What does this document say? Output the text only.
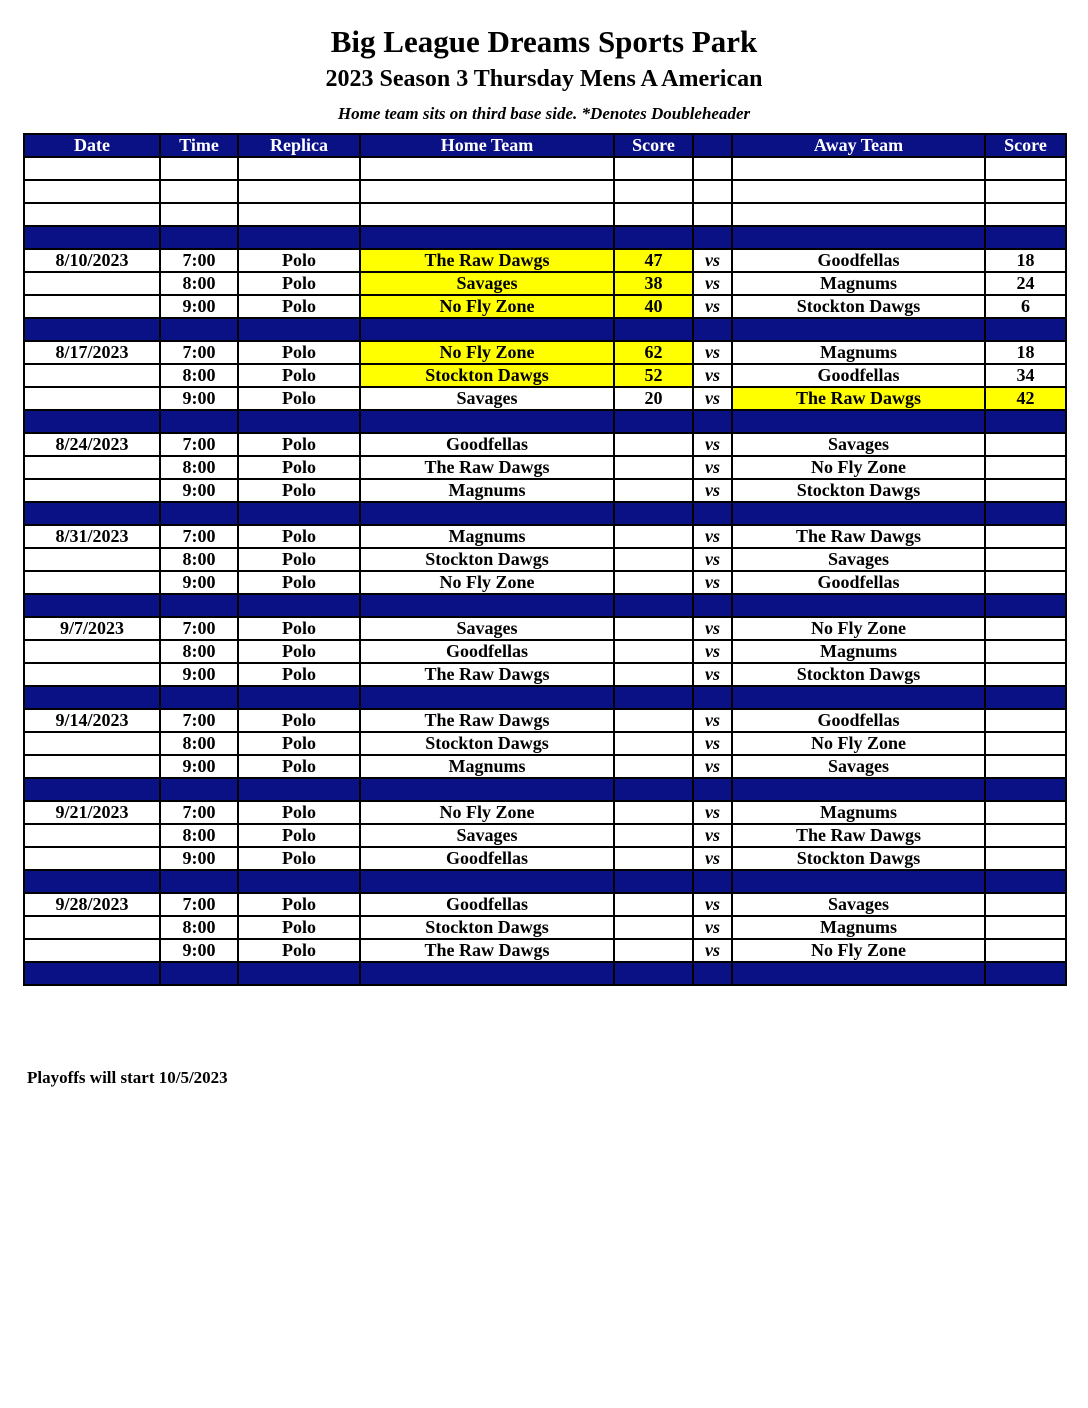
Big League Dreams Sports Park
2023 Season 3 Thursday Mens A American
Home team sits on third base side. *Denotes Doubleheader
Date	Time	Replica	Home Team	Score		Away Team	Score

8/10/2023	7:00	Polo	The Raw Dawgs	47	vs	Goodfellas	18
	8:00	Polo	Savages	38	vs	Magnums	24
	9:00	Polo	No Fly Zone	40	vs	Stockton Dawgs	6

8/17/2023	7:00	Polo	No Fly Zone	62	vs	Magnums	18
	8:00	Polo	Stockton Dawgs	52	vs	Goodfellas	34
	9:00	Polo	Savages	20	vs	The Raw Dawgs	42

8/24/2023	7:00	Polo	Goodfellas		vs	Savages	
	8:00	Polo	The Raw Dawgs		vs	No Fly Zone	
	9:00	Polo	Magnums		vs	Stockton Dawgs	

8/31/2023	7:00	Polo	Magnums		vs	The Raw Dawgs	
	8:00	Polo	Stockton Dawgs		vs	Savages	
	9:00	Polo	No Fly Zone		vs	Goodfellas	

9/7/2023	7:00	Polo	Savages		vs	No Fly Zone	
	8:00	Polo	Goodfellas		vs	Magnums	
	9:00	Polo	The Raw Dawgs		vs	Stockton Dawgs	

9/14/2023	7:00	Polo	The Raw Dawgs		vs	Goodfellas	
	8:00	Polo	Stockton Dawgs		vs	No Fly Zone	
	9:00	Polo	Magnums		vs	Savages	

9/21/2023	7:00	Polo	No Fly Zone		vs	Magnums	
	8:00	Polo	Savages		vs	The Raw Dawgs	
	9:00	Polo	Goodfellas		vs	Stockton Dawgs	

9/28/2023	7:00	Polo	Goodfellas		vs	Savages	
	8:00	Polo	Stockton Dawgs		vs	Magnums	
	9:00	Polo	The Raw Dawgs		vs	No Fly Zone	

Playoffs will start 10/5/2023
